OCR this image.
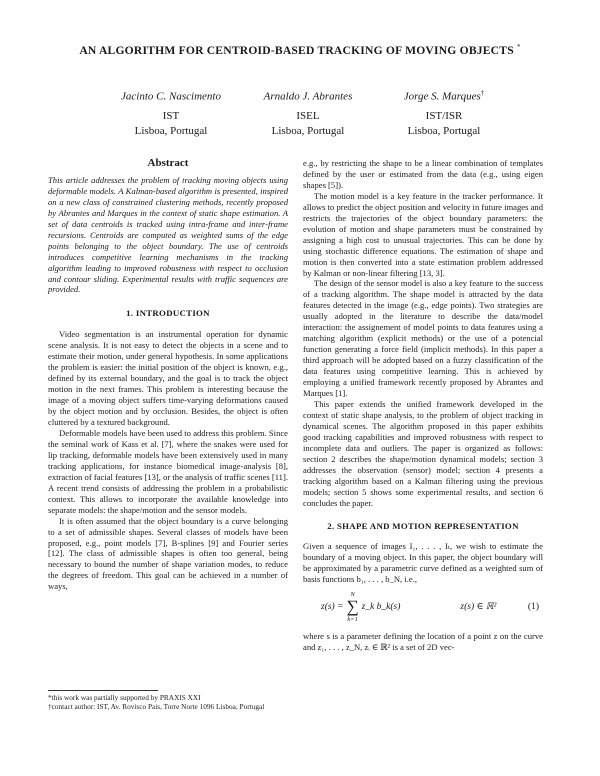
AN ALGORITHM FOR CENTROID-BASED TRACKING OF MOVING OBJECTS *
Jacinto C. Nascimento
IST
Lisboa, Portugal
Arnaldo J. Abrantes
ISEL
Lisboa, Portugal
Jorge S. Marques†
IST/ISR
Lisboa, Portugal
Abstract

This article addresses the problem of tracking moving objects using deformable models. A Kalman-based algorithm is presented, inspired on a new class of constrained clustering methods, recently proposed by Abrantes and Marques in the context of static shape estimation. A set of data centroids is tracked using intra-frame and inter-frame recursions. Centroids are computed as weighted sums of the edge points belonging to the object boundary. The use of centroids introduces competitive learning mechanisms in the tracking algorithm leading to improved robustness with respect to occlusion and contour sliding. Experimental results with traffic sequences are provided.

1. INTRODUCTION

Video segmentation is an instrumental operation for dynamic scene analysis. It is not easy to detect the objects in a scene and to estimate their motion, under general hypothesis. In some applications the problem is easier: the initial position of the object is known, e.g., defined by its external boundary, and the goal is to track the object motion in the next frames. This problem is interesting because the image of a moving object suffers time-varying deformations caused by the object motion and by occlusion. Besides, the object is often cluttered by a textured background.

Deformable models have been used to address this problem. Since the seminal work of Kass et al. [7], where the snakes were used for lip tracking, deformable models have been extensively used in many tracking applications, for instance biomedical image-analysis [8], extraction of facial features [13], or the analysis of traffic scenes [11]. A recent trend consists of addressing the problem in a probabilistic context. This allows to incorporate the available knowledge into separate models: the shape/motion and the sensor models.

It is often assumed that the object boundary is a curve belonging to a set of admissible shapes. Several classes of models have been proposed, e.g., point models [7], B-splines [9] and Fourier series [12]. The class of admissible shapes is often too general, being necessary to bound the number of shape variation modes, to reduce the degrees of freedom. This goal can be achieved in a number of ways,

e.g., by restricting the shape to be a linear combination of templates defined by the user or estimated from the data (e.g., using eigen shapes [5]).

The motion model is a key feature in the tracker performance. It allows to predict the object position and velocity in future images and restricts the trajectories of the object boundary parameters: the evolution of motion and shape parameters must be constrained by assigning a high cost to unusual trajectories. This can be done by using stochastic difference equations. The estimation of shape and motion is then converted into a state estimation problem addressed by Kalman or non-linear filtering [13, 3].

The design of the sensor model is also a key feature to the success of a tracking algorithm. The shape model is attracted by the data features detected in the image (e.g., edge points). Two strategies are usually adopted in the literature to describe the data/model interaction: the assignement of model points to data features using a matching algorithm (explicit methods) or the use of a potencial function generating a force field (implicit methods). In this paper a third approach will be adopted based on a fuzzy classification of the data features using competitive learning. This is achieved by employing a unified framework recently proposed by Abrantes and Marques [1].

This paper extends the unified framework developed in the context of static shape analysis, to the problem of object tracking in dynamical scenes. The algorithm proposed in this paper exhibits good tracking capabilities and improved robustness with respect to incomplete data and outliers. The paper is organized as follows: section 2 describes the shape/motion dynamical models; section 3 addresses the observation (sensor) model; section 4 presents a tracking algorithm based on a Kalman filtering using the previous models; section 5 shows some experimental results, and section 6 concludes the paper.

2. SHAPE AND MOTION REPRESENTATION

Given a sequence of images I₁, . . . , Iₜ, we wish to estimate the boundary of a moving object. In this paper, the object boundary will be approximated by a parametric curve defined as a weighted sum of basis functions b₁, . . . , b_N, i.e.,

z(s) =
N
∑
k=1
z_k b_k(s)	z(s) ∈ ℝ²	(1)

where s is a parameter defining the location of a point z on the curve and z₁, . . . , z_N, zᵢ ∈ ℝ² is a set of 2D vec-

*this work was partially supported by PRAXIS XXI
†contact author: IST, Av. Rovisco Pais, Torre Norte 1096 Lisboa, Portugal
